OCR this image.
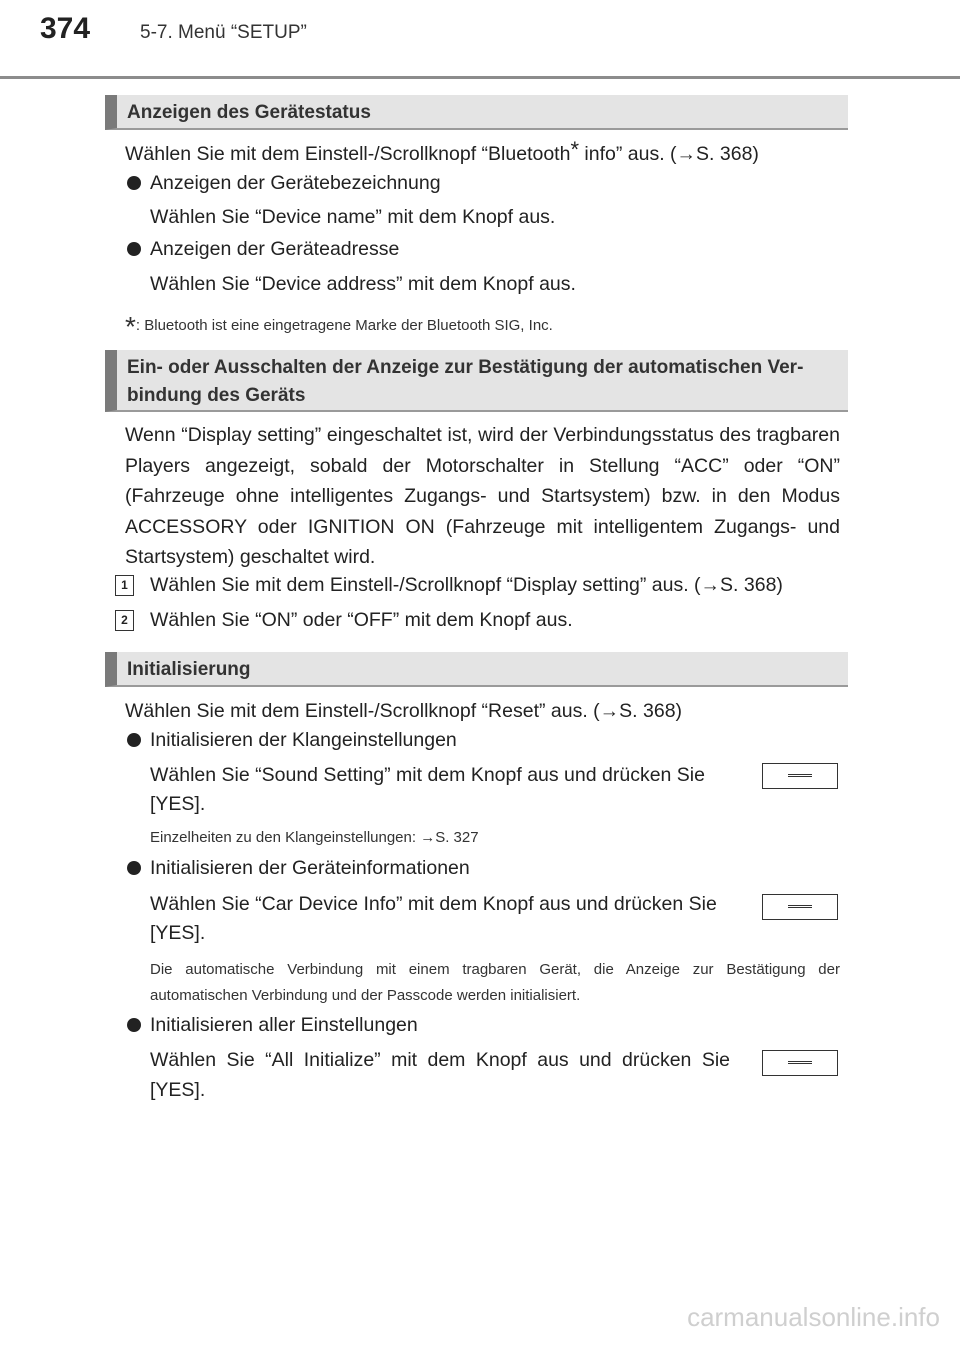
374	5-7. Menü “SETUP”
Anzeigen des Gerätestatus
Wählen Sie mit dem Einstell-/Scrollknopf “Bluetooth* info” aus. (→S. 368)
Anzeigen der Gerätebezeichnung
Wählen Sie “Device name” mit dem Knopf aus.
Anzeigen der Geräteadresse
Wählen Sie “Device address” mit dem Knopf aus.
*: Bluetooth ist eine eingetragene Marke der Bluetooth SIG, Inc.
Ein- oder Ausschalten der Anzeige zur Bestätigung der automatischen Ver-
bindung des Geräts
Wenn “Display setting” eingeschaltet ist, wird der Verbindungsstatus des tragbaren Players angezeigt, sobald der Motorschalter in Stellung “ACC” oder “ON” (Fahrzeuge ohne intelligentes Zugangs- und Startsystem) bzw. in den Modus ACCESSORY oder IGNITION ON (Fahrzeuge mit intelligentem Zugangs- und Startsystem) geschaltet wird.
1	Wählen Sie mit dem Einstell-/Scrollknopf “Display setting” aus. (→S. 368)
2	Wählen Sie “ON” oder “OFF” mit dem Knopf aus.
Initialisierung
Wählen Sie mit dem Einstell-/Scrollknopf “Reset” aus. (→S. 368)
Initialisieren der Klangeinstellungen
Wählen Sie “Sound Setting” mit dem Knopf aus und drücken Sie
[YES].
Einzelheiten zu den Klangeinstellungen: →S. 327
Initialisieren der Geräteinformationen
Wählen Sie “Car Device Info” mit dem Knopf aus und drücken Sie
[YES].
Die automatische Verbindung mit einem tragbaren Gerät, die Anzeige zur Bestätigung der automatischen Verbindung und der Passcode werden initialisiert.
Initialisieren aller Einstellungen
Wählen Sie “All Initialize” mit dem Knopf aus und drücken Sie
[YES].
carmanualsonline.info
